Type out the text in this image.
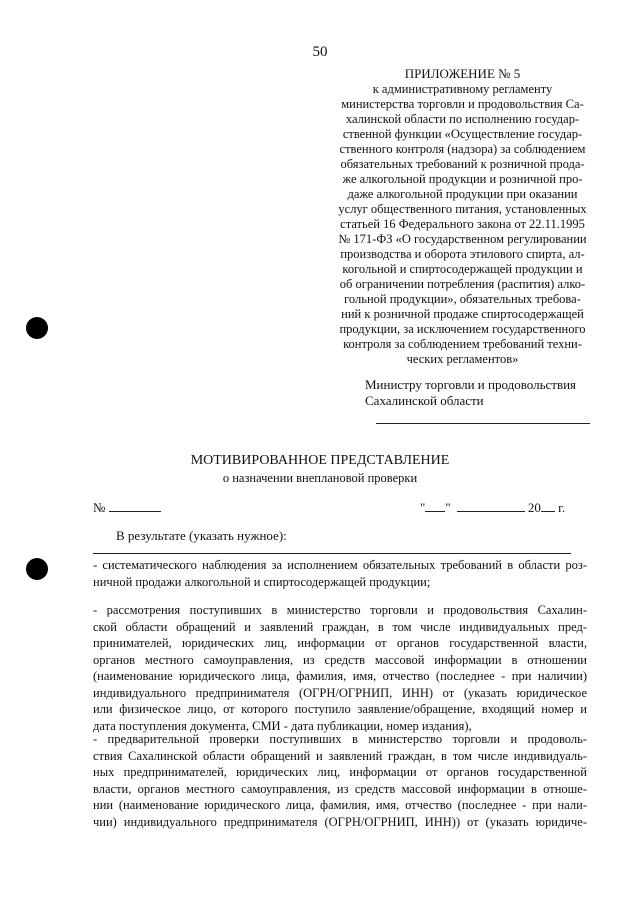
50
ПРИЛОЖЕНИЕ № 5
к административному регламенту
министерства торговли и продовольствия Са-
халинской области по исполнению государ-
ственной функции «Осуществление государ-
ственного контроля (надзора) за соблюдением
обязательных требований к розничной прода-
же алкогольной продукции и розничной про-
даже алкогольной продукции при оказании
услуг общественного питания, установленных
статьей 16 Федерального закона от 22.11.1995
№ 171-ФЗ «О государственном регулировании
производства и оборота этилового спирта, ал-
когольной и спиртосодержащей продукции и
об ограничении потребления (распития) алко-
гольной продукции», обязательных требова-
ний к розничной продаже спиртосодержащей
продукции, за исключением государственного
контроля за соблюдением требований техни-
ческих регламентов»
Министру торговли и продовольствия
Сахалинской области
МОТИВИРОВАННОЕ ПРЕДСТАВЛЕНИЕ
о назначении внеплановой проверки
№	" "	20 г.
В результате (указать нужное):
- систематического наблюдения за исполнением обязательных требований в области роз-
ничной продажи алкогольной и спиртосодержащей продукции;
- рассмотрения поступивших в министерство торговли и продовольствия Сахалин-
ской области обращений и заявлений граждан, в том числе индивидуальных пред-
принимателей, юридических лиц, информации от органов государственной власти,
органов местного самоуправления, из средств массовой информации в отношении
(наименование юридического лица, фамилия, имя, отчество (последнее - при наличии)
индивидуального предпринимателя (ОГРН/ОГРНИП, ИНН) от (указать юридическое
или физическое лицо, от которого поступило заявление/обращение, входящий номер и
дата поступления документа, СМИ - дата публикации, номер издания),
- предварительной проверки поступивших в министерство торговли и продоволь-
ствия Сахалинской области обращений и заявлений граждан, в том числе индивидуаль-
ных предпринимателей, юридических лиц, информации от органов государственной
власти, органов местного самоуправления, из средств массовой информации в отноше-
нии (наименование юридического лица, фамилия, имя, отчество (последнее - при нали-
чии) индивидуального предпринимателя (ОГРН/ОГРНИП, ИНН)) от (указать юридиче-
